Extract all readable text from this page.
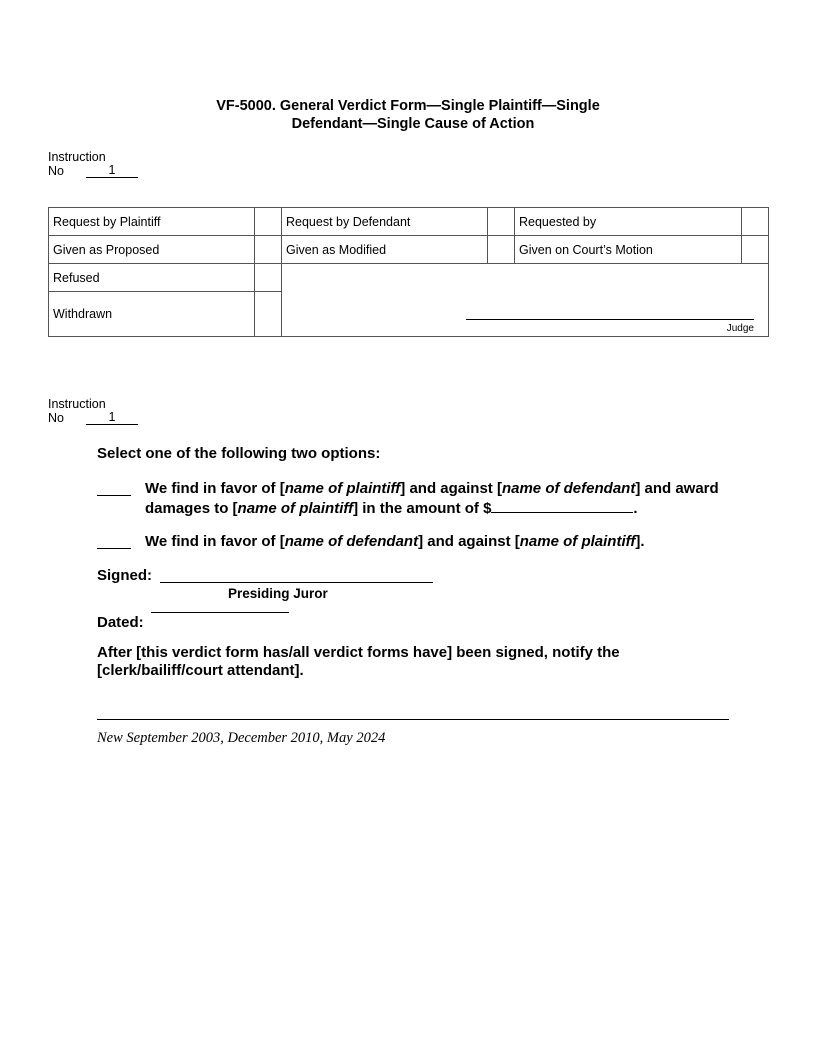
VF-5000. General Verdict Form—Single Plaintiff—Single
Defendant—Single Cause of Action
Instruction
No	1
Request by Plaintiff		Request by Defendant		Requested by	
Given as Proposed		Given as Modified		Given on Court’s Motion	
Refused		Judge			

Withdrawn					
Instruction
No	1
Select one of the following two options:
We find in favor of [name of plaintiff] and against [name of defendant] and award damages to [name of plaintiff] in the amount of $	.
We find in favor of [name of defendant] and against [name of plaintiff].
Signed:
Presiding Juror
Dated:
After [this verdict form has/all verdict forms have] been signed, notify the [clerk/bailiff/court attendant].
New September 2003, December 2010, May 2024
